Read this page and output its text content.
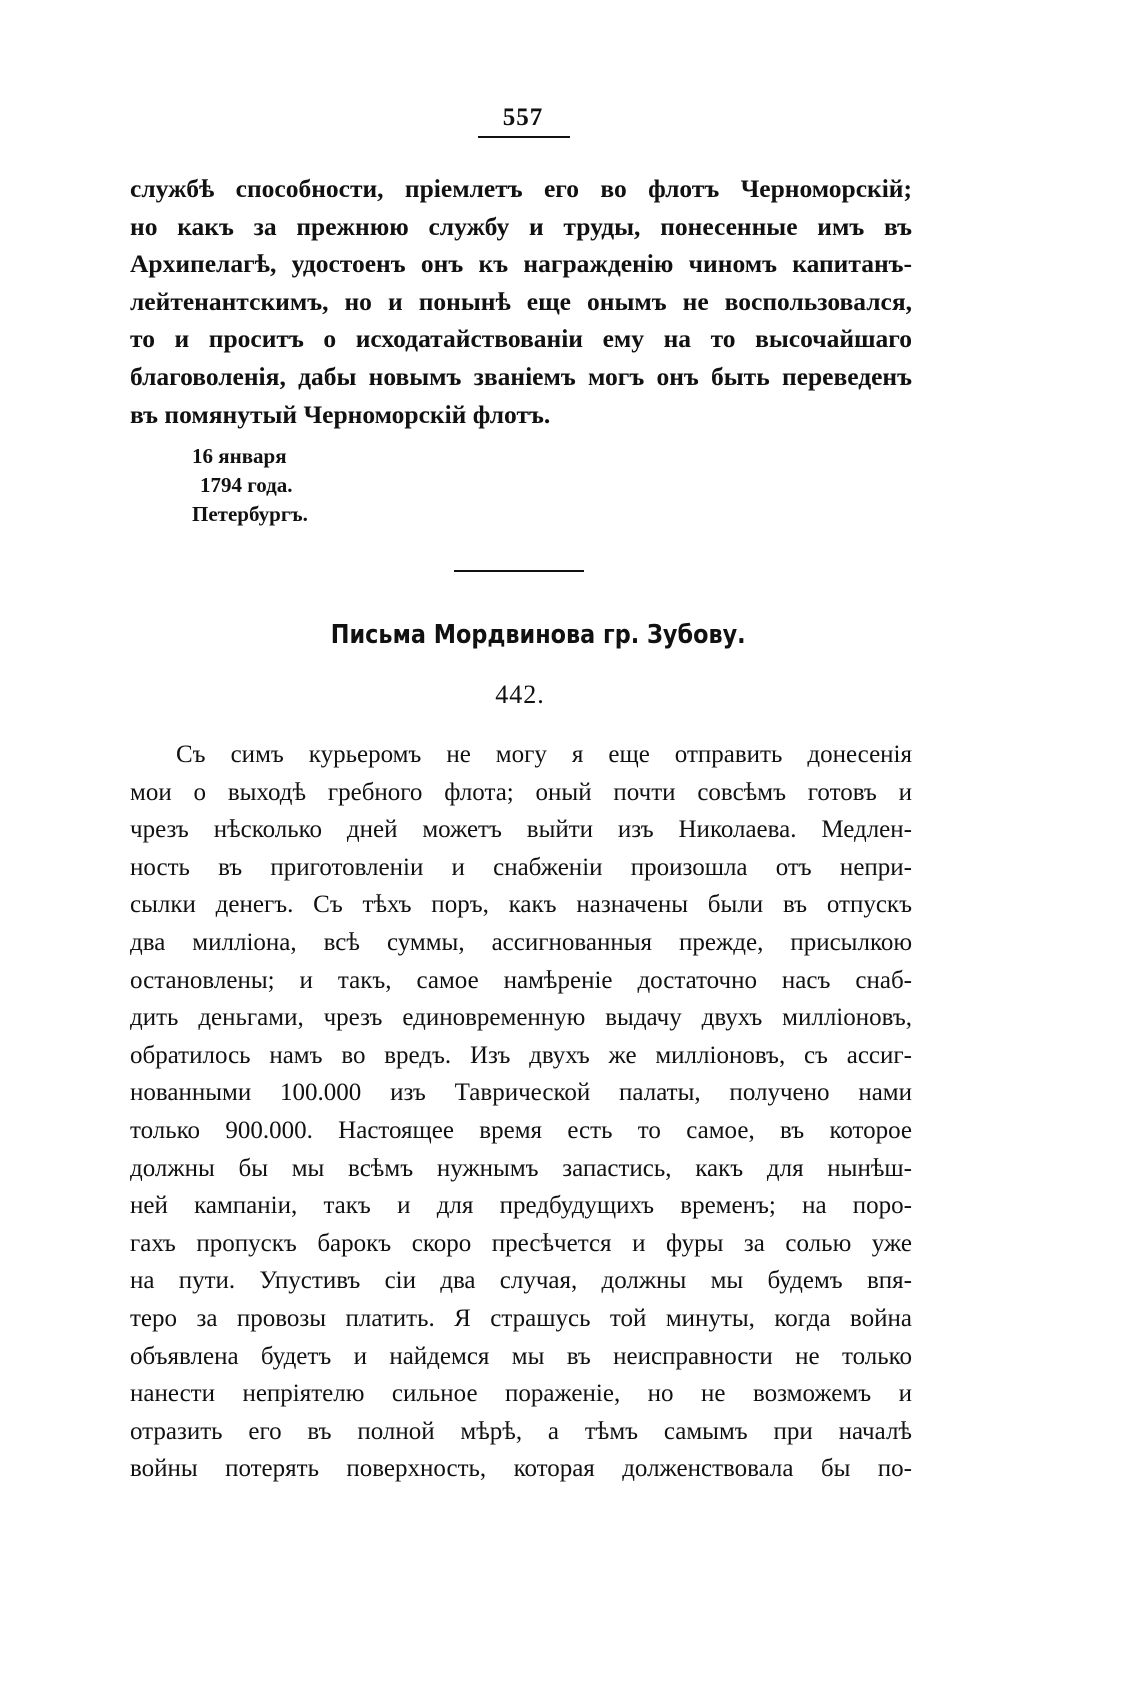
557
службѣ способности, пріемлетъ его во флотъ Черноморскій;
но какъ за прежнюю службу и труды, понесенные имъ въ
Архипелагѣ, удостоенъ онъ къ награжденію чиномъ капитанъ-
лейтенантскимъ, но и понынѣ еще онымъ не воспользовался,
то и проситъ о исходатайствованіи ему на то высочайшаго
благоволенія, дабы новымъ званіемъ могъ онъ быть переведенъ
въ помянутый Черноморскій флотъ.
16 января
1794 года.
Петербургъ.
Письма Мордвинова гр. Зубову.
442.
Съ симъ курьеромъ не могу я еще отправить донесенія
мои о выходѣ гребного флота; оный почти совсѣмъ готовъ и
чрезъ нѣсколько дней можетъ выйти изъ Николаева. Медлен-
ность въ приготовленіи и снабженіи произошла отъ непри-
сылки денегъ. Съ тѣхъ поръ, какъ назначены были въ отпускъ
два милліона, всѣ суммы, ассигнованныя прежде, присылкою
остановлены; и такъ, самое намѣреніе достаточно насъ снаб-
дить деньгами, чрезъ единовременную выдачу двухъ милліоновъ,
обратилось намъ во вредъ. Изъ двухъ же милліоновъ, съ ассиг-
нованными 100.000 изъ Таврической палаты, получено нами
только 900.000. Настоящее время есть то самое, въ которое
должны бы мы всѣмъ нужнымъ запастись, какъ для нынѣш-
ней кампаніи, такъ и для предбудущихъ временъ; на поро-
гахъ пропускъ барокъ скоро пресѣчется и фуры за солью уже
на пути. Упустивъ сіи два случая, должны мы будемъ впя-
теро за провозы платить. Я страшусь той минуты, когда война
объявлена будетъ и найдемся мы въ неисправности не только
нанести непріятелю сильное пораженіе, но не возможемъ и
отразить его въ полной мѣрѣ, а тѣмъ самымъ при началѣ
войны потерять поверхность, которая долженствовала бы по-
